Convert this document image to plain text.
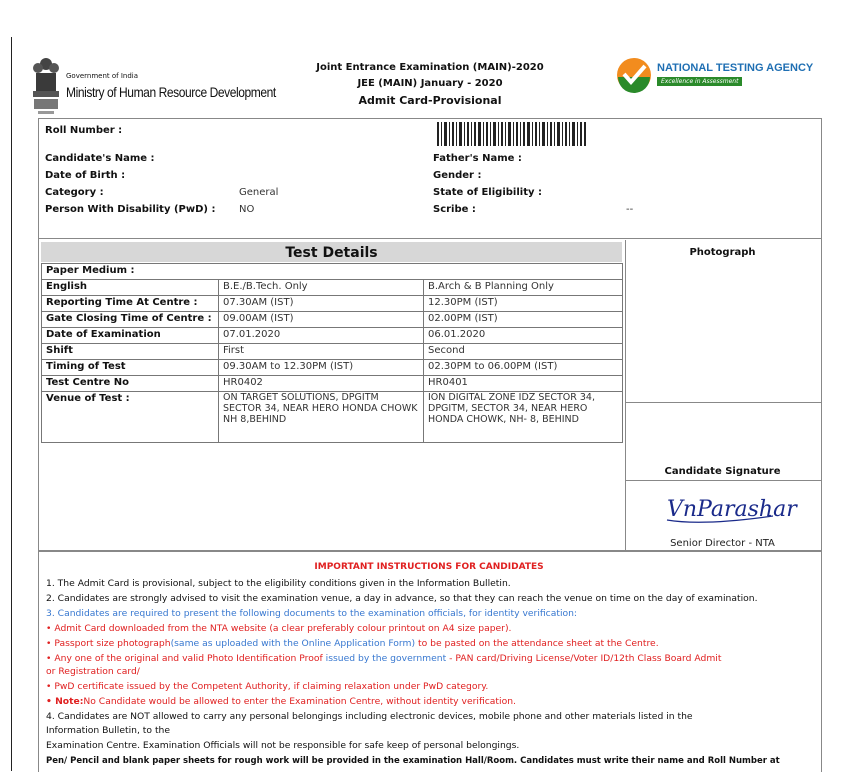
Government of India
Ministry of Human Resource Development
Joint Entrance Examination (MAIN)-2020
JEE (MAIN) January - 2020
Admit Card-Provisional
NATIONAL TESTING AGENCY
Excellence in Assessment
Roll Number :
Candidate's Name :
Date of Birth :
Category :	General
Person With Disability (PwD) : NO
Father's Name :
Gender :
State of Eligibility :
Scribe :	--
Test Details
Paper Medium :		
English	B.E./B.Tech. Only	B.Arch & B Planning Only
Reporting Time At Centre :	07.30AM (IST)	12.30PM (IST)
Gate Closing Time of Centre :	09.00AM (IST)	02.00PM (IST)
Date of Examination	07.01.2020	06.01.2020
Shift	First	Second
Timing of Test	09.30AM to 12.30PM (IST)	02.30PM to 06.00PM (IST)
Test Centre No	HR0402	HR0401
Venue of Test :	ON TARGET SOLUTIONS, DPGITM SECTOR 34, NEAR HERO HONDA CHOWK NH 8,BEHIND	ION DIGITAL ZONE IDZ SECTOR 34, DPGITM, SECTOR 34, NEAR HERO HONDA CHOWK, NH- 8, BEHIND
Photograph
Candidate Signature
VnParashar
Senior Director - NTA
IMPORTANT INSTRUCTIONS FOR CANDIDATES
1. The Admit Card is provisional, subject to the eligibility conditions given in the Information Bulletin.
2. Candidates are strongly advised to visit the examination venue, a day in advance, so that they can reach the venue on time on the day of examination.
3. Candidates are required to present the following documents to the examination officials, for identity verification:
• Admit Card downloaded from the NTA website (a clear preferably colour printout on A4 size paper).
• Passport size photograph(same as uploaded with the Online Application Form) to be pasted on the attendance sheet at the Centre.
• Any one of the original and valid Photo Identification Proof issued by the government - PAN card/Driving License/Voter ID/12th Class Board Admit
or Registration card/
• PwD certificate issued by the Competent Authority, if claiming relaxation under PwD category.
• Note:No Candidate would be allowed to enter the Examination Centre, without identity verification.
4. Candidates are NOT allowed to carry any personal belongings including electronic devices, mobile phone and other materials listed in the
Information Bulletin, to the
Examination Centre. Examination Officials will not be responsible for safe keep of personal belongings.
Pen/ Pencil and blank paper sheets for rough work will be provided in the examination Hall/Room. Candidates must write their name and Roll Number at
